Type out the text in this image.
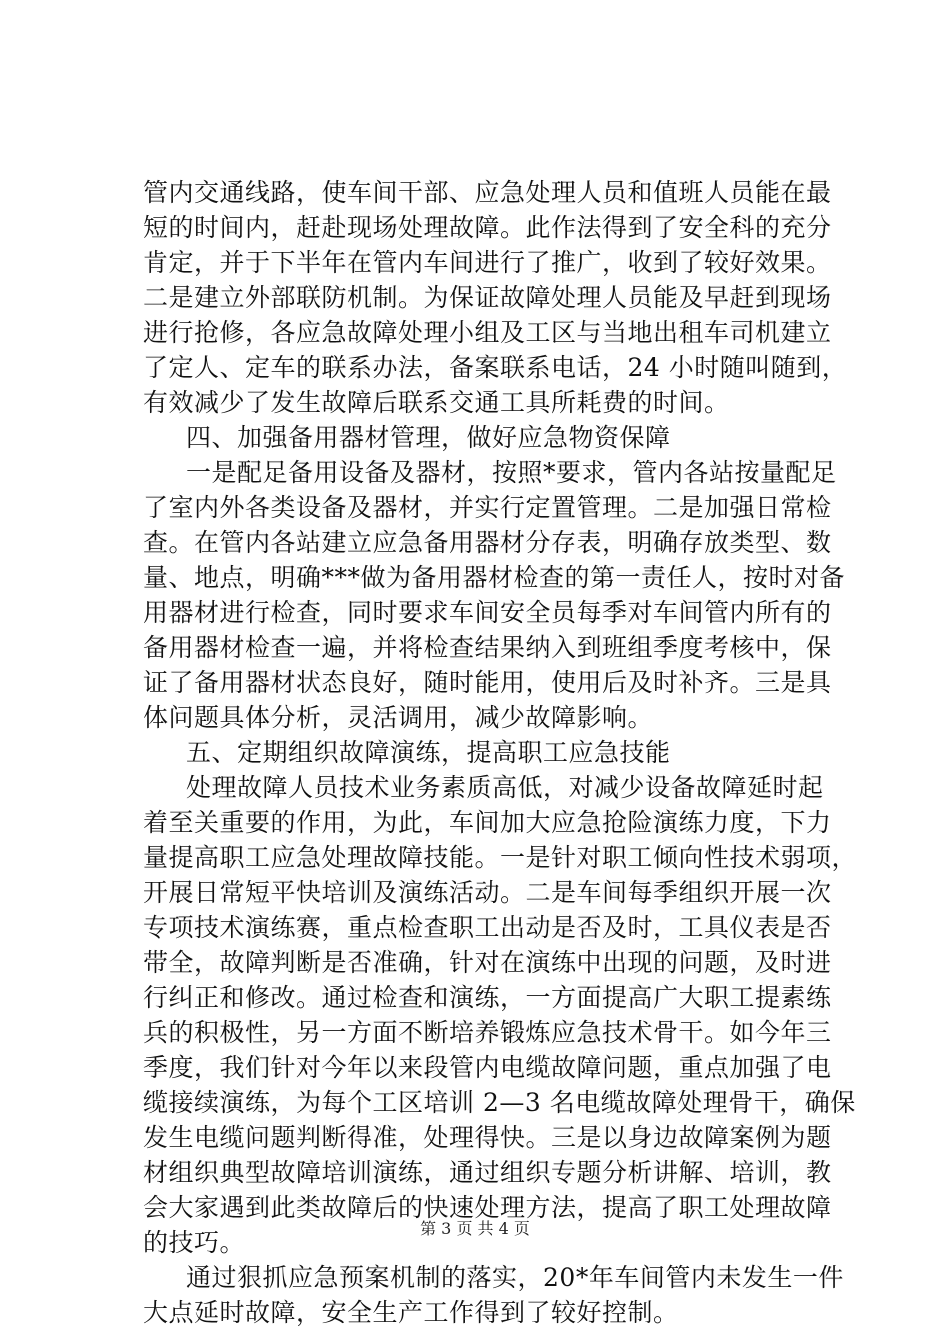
管内交通线路，使车间干部、应急处理人员和值班人员能在最
短的时间内，赶赴现场处理故障。此作法得到了安全科的充分
肯定，并于下半年在管内车间进行了推广，收到了较好效果。
二是建立外部联防机制。为保证故障处理人员能及早赶到现场
进行抢修，各应急故障处理小组及工区与当地出租车司机建立
了定人、定车的联系办法，备案联系电话，24 小时随叫随到，
有效减少了发生故障后联系交通工具所耗费的时间。
四、加强备用器材管理，做好应急物资保障
一是配足备用设备及器材，按照*要求，管内各站按量配足
了室内外各类设备及器材，并实行定置管理。二是加强日常检
查。在管内各站建立应急备用器材分存表，明确存放类型、数
量、地点，明确***做为备用器材检查的第一责任人，按时对备
用器材进行检查，同时要求车间安全员每季对车间管内所有的
备用器材检查一遍，并将检查结果纳入到班组季度考核中，保
证了备用器材状态良好，随时能用，使用后及时补齐。三是具
体问题具体分析，灵活调用，减少故障影响。
五、定期组织故障演练，提高职工应急技能
处理故障人员技术业务素质高低，对减少设备故障延时起
着至关重要的作用，为此，车间加大应急抢险演练力度，下力
量提高职工应急处理故障技能。一是针对职工倾向性技术弱项，
开展日常短平快培训及演练活动。二是车间每季组织开展一次
专项技术演练赛，重点检查职工出动是否及时，工具仪表是否
带全，故障判断是否准确，针对在演练中出现的问题，及时进
行纠正和修改。通过检查和演练，一方面提高广大职工提素练
兵的积极性，另一方面不断培养锻炼应急技术骨干。如今年三
季度，我们针对今年以来段管内电缆故障问题，重点加强了电
缆接续演练，为每个工区培训 2—3 名电缆故障处理骨干，确保
发生电缆问题判断得准，处理得快。三是以身边故障案例为题
材组织典型故障培训演练，通过组织专题分析讲解、培训，教
会大家遇到此类故障后的快速处理方法，提高了职工处理故障
的技巧。
通过狠抓应急预案机制的落实，20*年车间管内未发生一件
大点延时故障，安全生产工作得到了较好控制。
第 3 页 共 4 页
